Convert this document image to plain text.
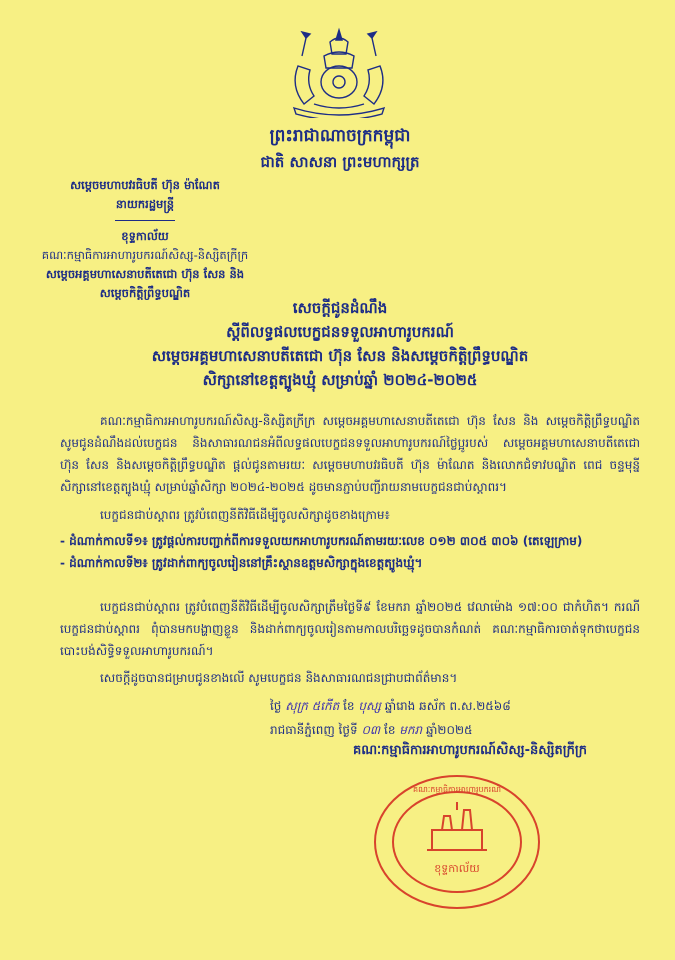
ព្រះរាជាណាចក្រកម្ពុជា
ជាតិ សាសនា ព្រះមហាក្សត្រ
សម្តេចមហាបវរធិបតី ហ៊ុន ម៉ាណែត
នាយករដ្ឋមន្ត្រី
ខុទ្ទកាល័យ
គណៈកម្មាធិការអាហារូបករណ៍សិស្ស-និស្សិតក្រីក្រ
សម្តេចអគ្គមហាសេនាបតីតេជោ ហ៊ុន សែន និង
សម្តេចកិត្តិព្រឹទ្ធបណ្ឌិត
សេចក្តីជូនដំណឹង
ស្តីពីលទ្ធផលបេក្ខជនទទួលអាហារូបករណ៍
សម្តេចអគ្គមហាសេនាបតីតេជោ ហ៊ុន សែន និងសម្តេចកិត្តិព្រឹទ្ធបណ្ឌិត
សិក្សានៅខេត្តត្បូងឃ្មុំ សម្រាប់ឆ្នាំ ២០២៤-២០២៥
គណៈកម្មាធិការអាហារូបករណ៍សិស្ស-និស្សិតក្រីក្រ សម្តេចអគ្គមហាសេនាបតីតេជោ ហ៊ុន សែន និង សម្តេចកិត្តិព្រឹទ្ធបណ្ឌិត សូមជូនដំណឹងដល់បេក្ខជន និងសាធារណជនអំពីលទ្ធផលបេក្ខជនទទួលអាហារូបករណ៍ថ្លៃប្អូរបស់ សម្តេចអគ្គមហាសេនាបតីតេជោ ហ៊ុន សែន និងសម្តេចកិត្តិព្រឹទ្ធបណ្ឌិត ផ្តល់ជូនតាមរយៈ សម្តេចមហាបវរធិបតី ហ៊ុន ម៉ាណែត និងលោកជំទាវបណ្ឌិត ពេជ ចន្ទមុន្នី សិក្សានៅខេត្តត្បូងឃ្មុំ សម្រាប់ឆ្នាំសិក្សា ២០២៤-២០២៥ ដូចមានភ្ជាប់បញ្ជីរាយនាមបេក្ខជនជាប់ស្ដាពរ។
បេក្ខជនជាប់ស្ដាពរ ត្រូវបំពេញនីតិវិធីដើម្បីចូលសិក្សាដូចខាងក្រោម៖
- ដំណាក់កាលទី១៖ ត្រូវផ្តល់ការបញ្ជាក់ពីការទទួលយកអាហារូបករណ៍តាមរយៈលេខ ០១២ ៣០៥ ៣០៦ (តេឡេក្រាម)
- ដំណាក់កាលទី២៖ ត្រូវដាក់ពាក្យចូលរៀននៅគ្រឹះស្ថានឧត្តមសិក្សាក្នុងខេត្តត្បូងឃ្មុំ។
បេក្ខជនជាប់ស្ដាពរ ត្រូវបំពេញនីតិវិធីដើម្បីចូលសិក្សាត្រឹមថ្ងៃទី៩ ខែមករា ឆ្នាំ២០២៥ វេលាម៉ោង ១៧:០០ ជាកំហិត។ ករណីបេក្ខជនជាប់ស្ដាពរ ពុំបានមកបង្ហាញខ្លួន និងដាក់ពាក្យចូលរៀនតាមកាលបរិច្ឆេទដូចបានកំណត់ គណៈកម្មាធិការចាត់ទុកថាបេក្ខជនបោះបង់សិទ្ធិទទួលអាហារូបករណ៍។
សេចក្តីដូចបានជម្រាបជូនខាងលើ សូមបេក្ខជន និងសាធារណជនជ្រាបជាព័ត៌មាន។
ថ្ងៃ សុក្រ ៥កើត ខែ បុស្ស ឆ្នាំរោង ឆស័ក ព.ស.២៥៦៨
រាជធានីភ្នំពេញ ថ្ងៃទី ០៣ ខែ មករា ឆ្នាំ២០២៥
គណៈកម្មាធិការអាហារូបករណ៍សិស្ស-និស្សិតក្រីក្រ
ខុទ្ទកាល័យ
គណៈកម្មាធិការអាហារូបករណ៍
